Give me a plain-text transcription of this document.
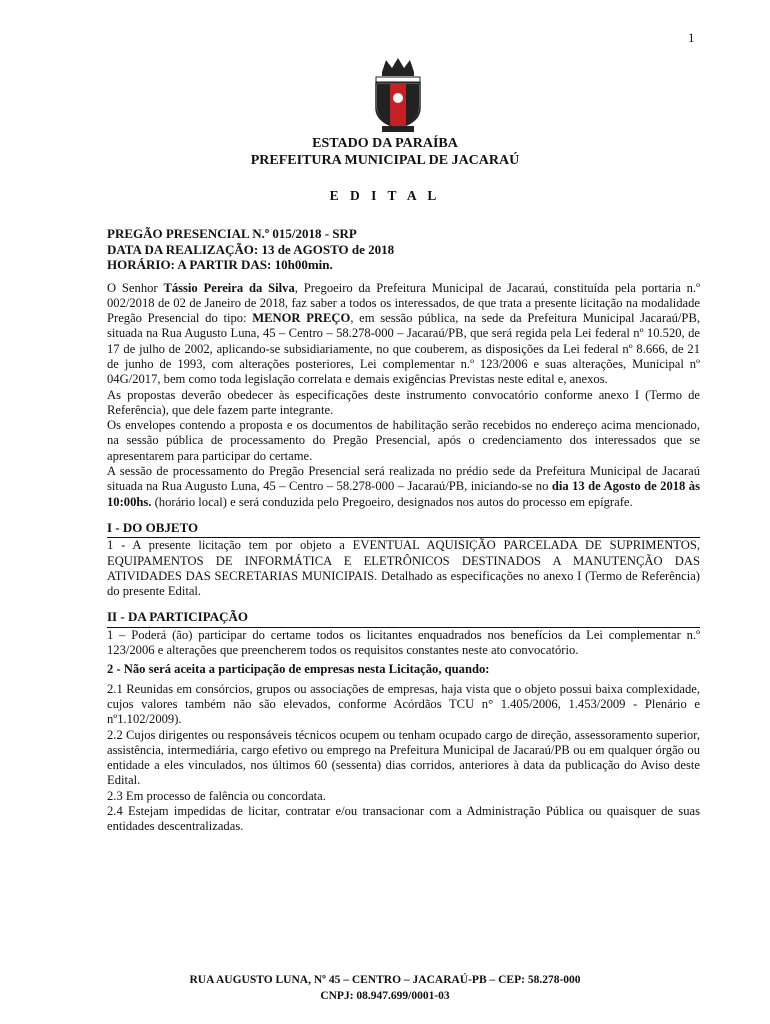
1
ESTADO DA PARAÍBA
PREFEITURA MUNICIPAL DE JACARAÚ
E D I T A L

PREGÃO PRESENCIAL N.º 015/2018 - SRP

DATA DA REALIZAÇÃO: 13 de AGOSTO de 2018

HORÁRIO: A PARTIR DAS: 10h00min.

O Senhor Tássio Pereira da Silva, Pregoeiro da Prefeitura Municipal de Jacaraú, constituída pela portaria n.º 002/2018 de 02 de Janeiro de 2018, faz saber a todos os interessados, de que trata a presente licitação na modalidade Pregão Presencial do tipo: MENOR PREÇO, em sessão pública, na sede da Prefeitura Municipal Jacaraú/PB, situada na Rua Augusto Luna, 45 – Centro – 58.278-000 – Jacaraú/PB, que será regida pela Lei federal nº 10.520, de 17 de julho de 2002, aplicando-se subsidiariamente, no que couberem, as disposições da Lei federal nº 8.666, de 21 de junho de 1993, com alterações posteriores, Lei complementar n.º 123/2006 e suas alterações, Municipal nº 04G/2017, bem como toda legislação correlata e demais exigências Previstas neste edital e, anexos.

As propostas deverão obedecer às especificações deste instrumento convocatório conforme anexo I (Termo de Referência), que dele fazem parte integrante.

Os envelopes contendo a proposta e os documentos de habilitação serão recebidos no endereço acima mencionado, na sessão pública de processamento do Pregão Presencial, após o credenciamento dos interessados que se apresentarem para participar do certame.

A sessão de processamento do Pregão Presencial será realizada no prédio sede da Prefeitura Municipal de Jacaraú situada na Rua Augusto Luna, 45 – Centro – 58.278-000 – Jacaraú/PB, iniciando-se no dia 13 de Agosto de 2018 às 10:00hs. (horário local) e será conduzida pelo Pregoeiro, designados nos autos do processo em epígrafe.

I - DO OBJETO

1 - A presente licitação tem por objeto a EVENTUAL AQUISIÇÃO PARCELADA DE SUPRIMENTOS, EQUIPAMENTOS DE INFORMÁTICA E ELETRÔNICOS DESTINADOS A MANUTENÇÃO DAS ATIVIDADES DAS SECRETARIAS MUNICIPAIS. Detalhado as especificações no anexo I (Termo de Referência) do presente Edital.

II - DA PARTICIPAÇÃO

1 – Poderá (ão) participar do certame todos os licitantes enquadrados nos benefícios da Lei complementar n.º 123/2006 e alterações que preencherem todos os requisitos constantes neste ato convocatório.

2 - Não será aceita a participação de empresas nesta Licitação, quando:

2.1 Reunidas em consórcios, grupos ou associações de empresas, haja vista que o objeto possui baixa complexidade, cujos valores também não são elevados, conforme Acórdãos TCU n° 1.405/2006, 1.453/2009 - Plenário e nº1.102/2009).

2.2 Cujos dirigentes ou responsáveis técnicos ocupem ou tenham ocupado cargo de direção, assessoramento superior, assistência, intermediária, cargo efetivo ou emprego na Prefeitura Municipal de Jacaraú/PB ou em qualquer órgão ou entidade a eles vinculados, nos últimos 60 (sessenta) dias corridos, anteriores à data da publicação do Aviso deste Edital.

2.3 Em processo de falência ou concordata.

2.4 Estejam impedidas de licitar, contratar e/ou transacionar com a Administração Pública ou quaisquer de suas entidades descentralizadas.

RUA AUGUSTO LUNA, Nº 45 – CENTRO – JACARAÚ-PB – CEP: 58.278-000
CNPJ: 08.947.699/0001-03
